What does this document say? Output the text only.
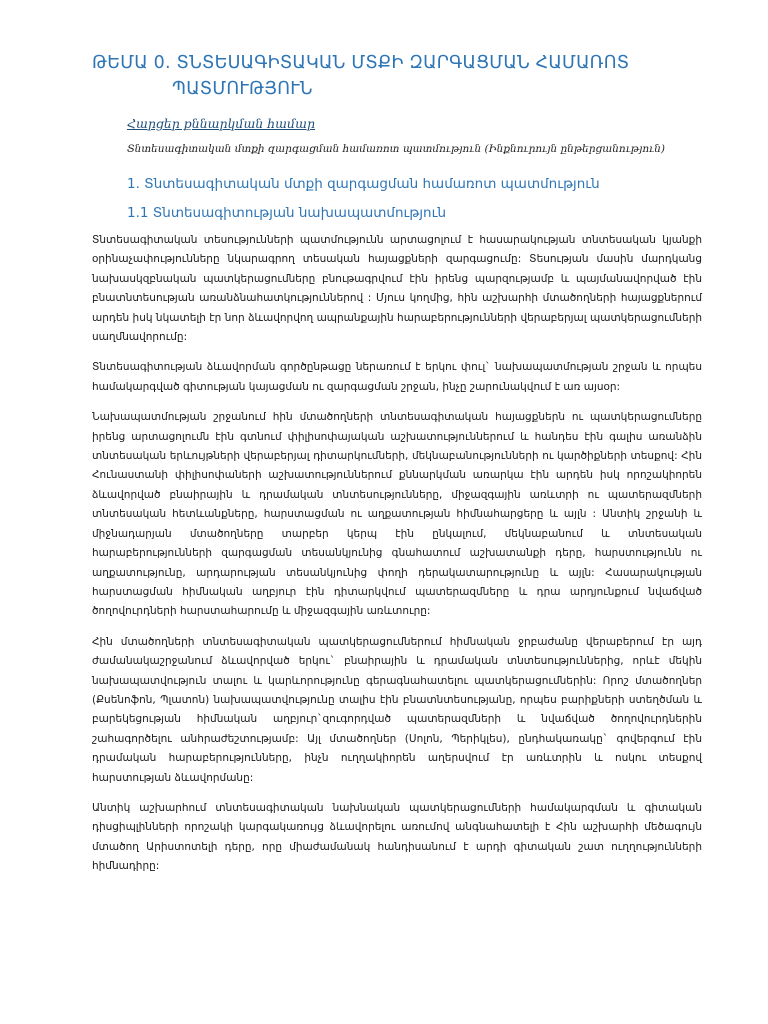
ԹԵՄԱ 0. ՏՆՏԵՍԱԳԻՏԱԿԱՆ ՄՏՔԻ ԶԱՐԳԱՑՄԱՆ ՀԱՄԱՌՈՏ
ՊԱՏՄՈՒԹՅՈՒՆ
Հարցեր քննարկման համար

Տնտեսագիտական մտքի զարգացման համառոտ պատմություն (Ինքնուրույն ընթերցանություն)

1. Տնտեսագիտական մտքի զարգացման համառոտ պատմություն
1.1 Տնտեսագիտության նախապատմություն

Տնտեսագիտական տեսությունների պատմությունն արտացոլում է հասարակության տնտեսական կյանքի օրինաչափությունները նկարագրող տեսական հայացքների զարգացումը: Տեսության մասին մարդկանց նախասկզբնական պատկերացումները բնութագրվում էին իրենց պարզությամբ և պայմանավորված էին բնատնտեսության առանձնահատկություններով : Մյուս կողմից, հին աշխարհի մտածողների հայացքներում արդեն իսկ նկատելի էր նոր ձևավորվող ապրանքային հարաբերությունների վերաբերյալ պատկերացումների սաղմնավորումը:

Տնտեսագիտության ձևավորման գործընթացը ներառում է երկու փուլ` նախապատմության շրջան և որպես համակարգված գիտության կայացման ու զարգացման շրջան, ինչը շարունակվում է առ այսօր:

Նախապատմության շրջանում հին մտածողների տնտեսագիտական հայացքներն ու պատկերացումները իրենց արտացոլումն էին գտնում փիլիսոփայական աշխատություններում և հանդես էին գալիս առանձին տնտեսական երևույթների վերաբերյալ դիտարկումների, մեկնաբանությունների ու կարծիքների տեսքով: Հին Հունաստանի փիլիսոփաների աշխատություններում քննարկման առարկա էին արդեն իսկ որոշակիորեն ձևավորված բնաիրային և դրամական տնտեսությունները, միջազգային առևտրի ու պատերազմների տնտեսական հետևանքները, հարստացման ու աղքատության հիմնահարցերը և այլն : Անտիկ շրջանի և միջնադարյան մտածողները տարբեր կերպ էին ընկալում, մեկնաբանում և տնտեսական հարաբերությունների զարգացման տեսանկյունից գնահատում աշխատանքի դերը, հարստությունն ու աղքատությունը, արդարության տեսանկյունից փողի դերակատարությունը և այլն: Հասարակության հարստացման հիմնական աղբյուր էին դիտարկվում պատերազմները և դրա արդյունքում նվաճված ծողովուրդների հարստահարումը և միջազգային առևտուրը:

Հին մտածողների տնտեսագիտական պատկերացումներում հիմնական ջրբաժանը վերաբերում էր այդ ժամանակաշրջանում ձևավորված երկու` բնաիրային և դրամական տնտեսություններից, որևէ մեկին նախապատվություն տալու և կարևորությունը գերագնահատելու պատկերացումներին: Որոշ մտածողներ (Քսենոֆոն, Պլատոն) նախապատվությունը տալիս էին բնատնտեսությանը, որպես բարիքների ստեղծման և բարեկեցության հիմնական աղբյուր`զուգորդված պատերազմների և նվաճված ծողովուրդներին շահագործելու անհրաժեշտությամբ: Այլ մտածողներ (Սոլոն, Պերիկլես), ընդհակառակը` գովերգում էին դրամական հարաբերությունները, ինչն ուղղակիորեն աղերսվում էր առևտրին և ոսկու տեսքով հարստության ձևավորմանը:

Անտիկ աշխարհում տնտեսագիտական նախնական պատկերացումների համակարգման և գիտական դիսցիպլինների որոշակի կարգակառույց ձևավորելու առումով անգնահատելի է Հին աշխարհի մեծագույն մտածող Արիստոտելի դերը, որը միաժամանակ հանդիսանում է արդի գիտական շատ ուղղությունների հիմնադիրը:
